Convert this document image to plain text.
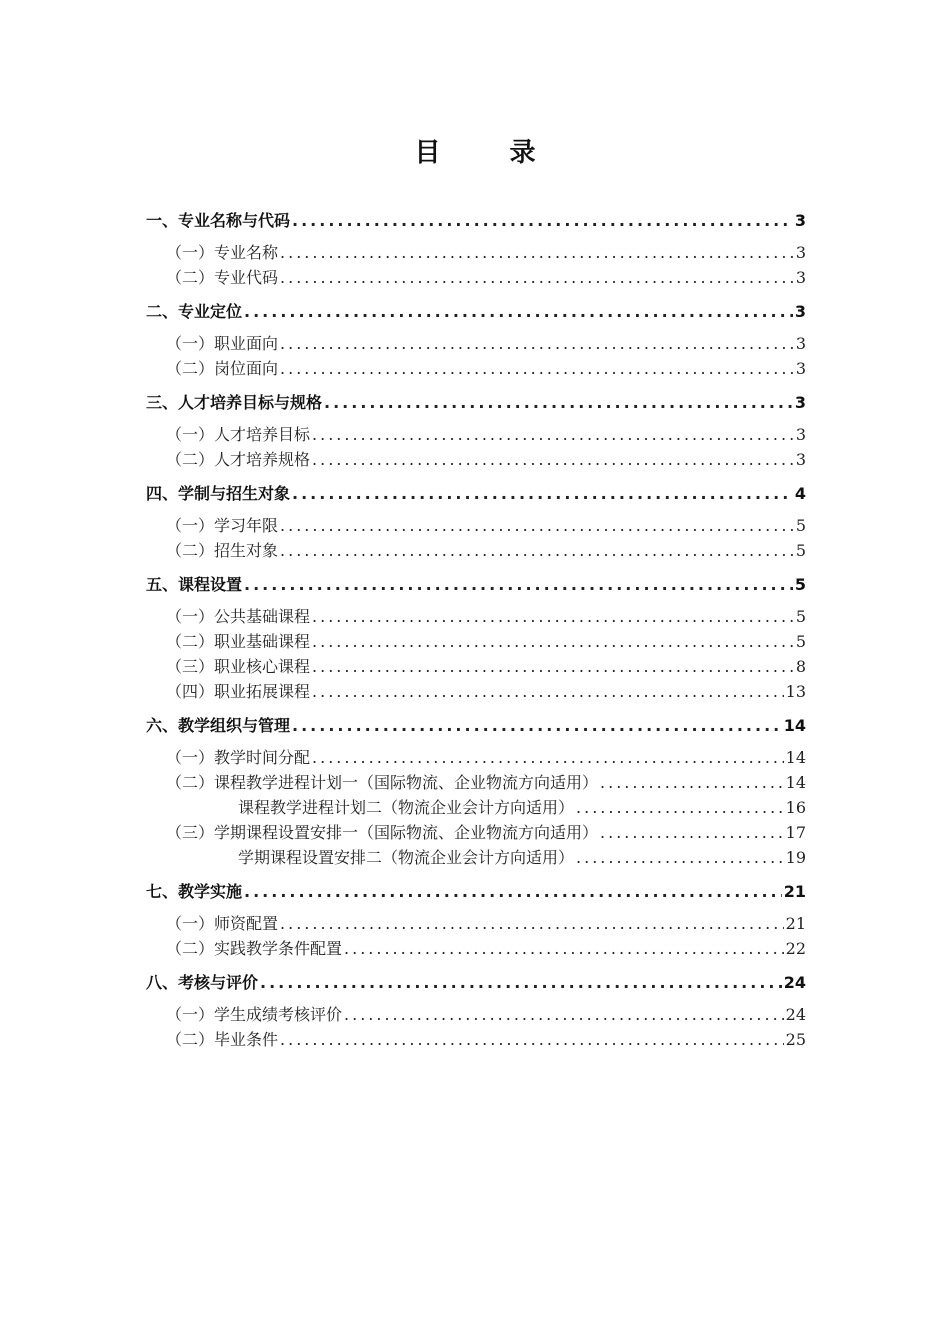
目 录
一、专业名称与代码 .....	3
（一）专业名称 .....	3
（二）专业代码 .....	3
二、专业定位 .....	3
（一）职业面向 .....	3
（二）岗位面向 .....	3
三、人才培养目标与规格 .....	3
（一）人才培养目标 .....	3
（二）人才培养规格 .....	3
四、学制与招生对象 .....	4
（一）学习年限 .....	5
（二）招生对象 .....	5
五、课程设置 .....	5
（一）公共基础课程 .....	5
（二）职业基础课程 .....	5
（三）职业核心课程 .....	8
（四）职业拓展课程 .....	13
六、教学组织与管理 .....	14
（一）教学时间分配 .....	14
（二）课程教学进程计划一（国际物流、企业物流方向适用） .....	14
课程教学进程计划二（物流企业会计方向适用） .....	16
（三）学期课程设置安排一（国际物流、企业物流方向适用） .....	17
学期课程设置安排二（物流企业会计方向适用） .....	19
七、教学实施 .....	21
（一）师资配置 .....	21
（二）实践教学条件配置 .....	22
八、考核与评价 .....	24
（一）学生成绩考核评价 .....	24
（二）毕业条件 .....	25
